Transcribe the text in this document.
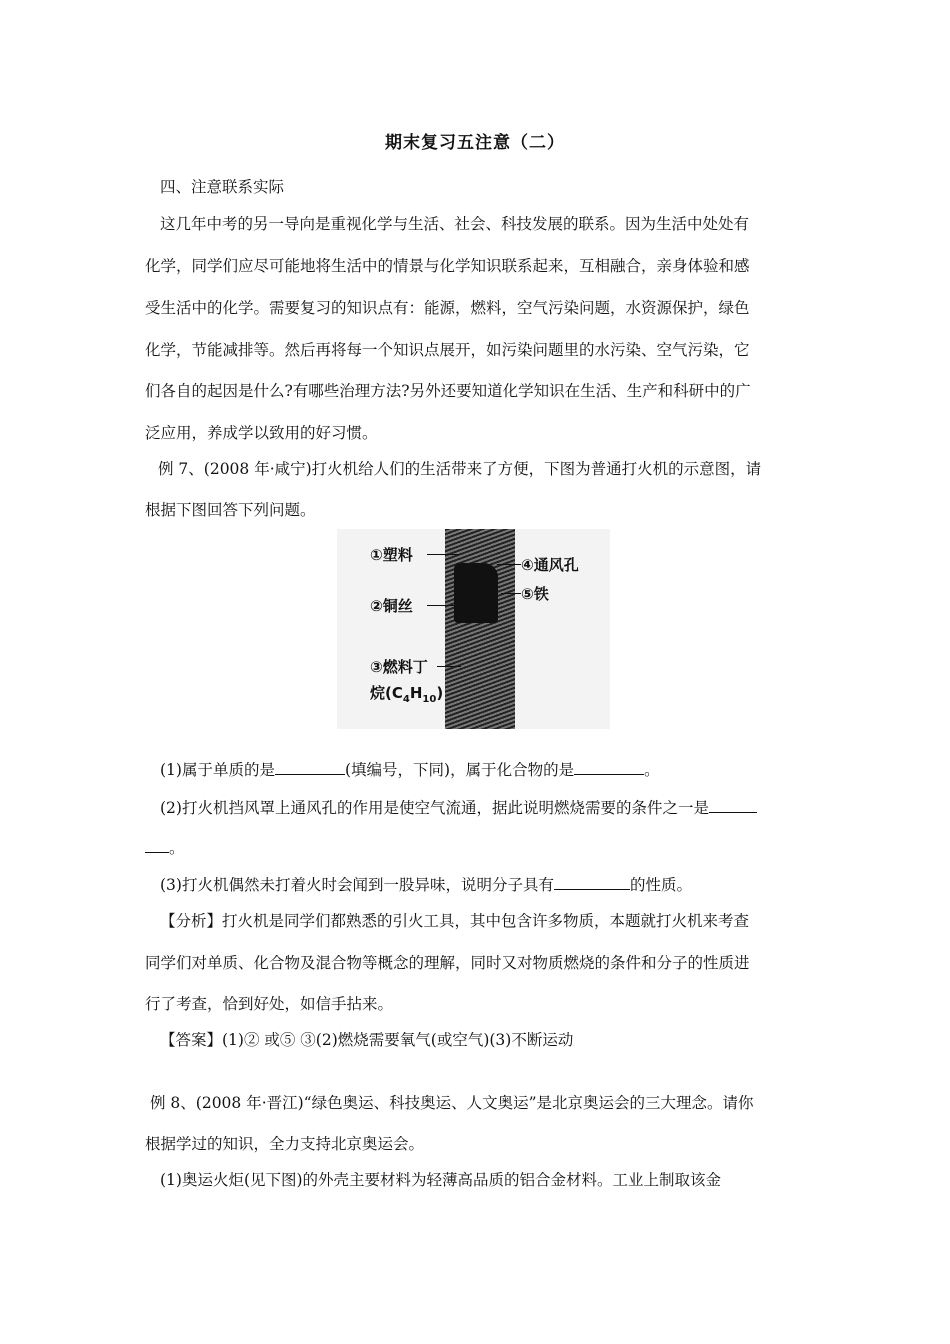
期末复习五注意（二）
四、注意联系实际
这几年中考的另一导向是重视化学与生活、社会、科技发展的联系。因为生活中处处有
化学，同学们应尽可能地将生活中的情景与化学知识联系起来，互相融合，亲身体验和感
受生活中的化学。需要复习的知识点有：能源，燃料，空气污染问题，水资源保护，绿色
化学，节能减排等。然后再将每一个知识点展开，如污染问题里的水污染、空气污染，它
们各自的起因是什么?有哪些治理方法?另外还要知道化学知识在生活、生产和科研中的广
泛应用，养成学以致用的好习惯。
例 7、(2008 年·咸宁)打火机给人们的生活带来了方便，下图为普通打火机的示意图，请
根据下图回答下列问题。
①塑料
②铜丝
③燃料丁
烷$(C_4H_{10})$
④通风孔
⑤铁
(1)属于单质的是	(填编号，下同)，属于化合物的是	。
(2)打火机挡风罩上通风孔的作用是使空气流通，据此说明燃烧需要的条件之一是
。
(3)打火机偶然未打着火时会闻到一股异味，说明分子具有	的性质。
【分析】打火机是同学们都熟悉的引火工具，其中包含许多物质，本题就打火机来考查
同学们对单质、化合物及混合物等概念的理解，同时又对物质燃烧的条件和分子的性质进
行了考查，恰到好处，如信手拈来。
【答案】(1)② 或⑤ ③(2)燃烧需要氧气(或空气)(3)不断运动
例 8、(2008 年·晋江)“绿色奥运、科技奥运、人文奥运”是北京奥运会的三大理念。请你
根据学过的知识，全力支持北京奥运会。
(1)奥运火炬(见下图)的外壳主要材料为轻薄高品质的铝合金材料。工业上制取该金
